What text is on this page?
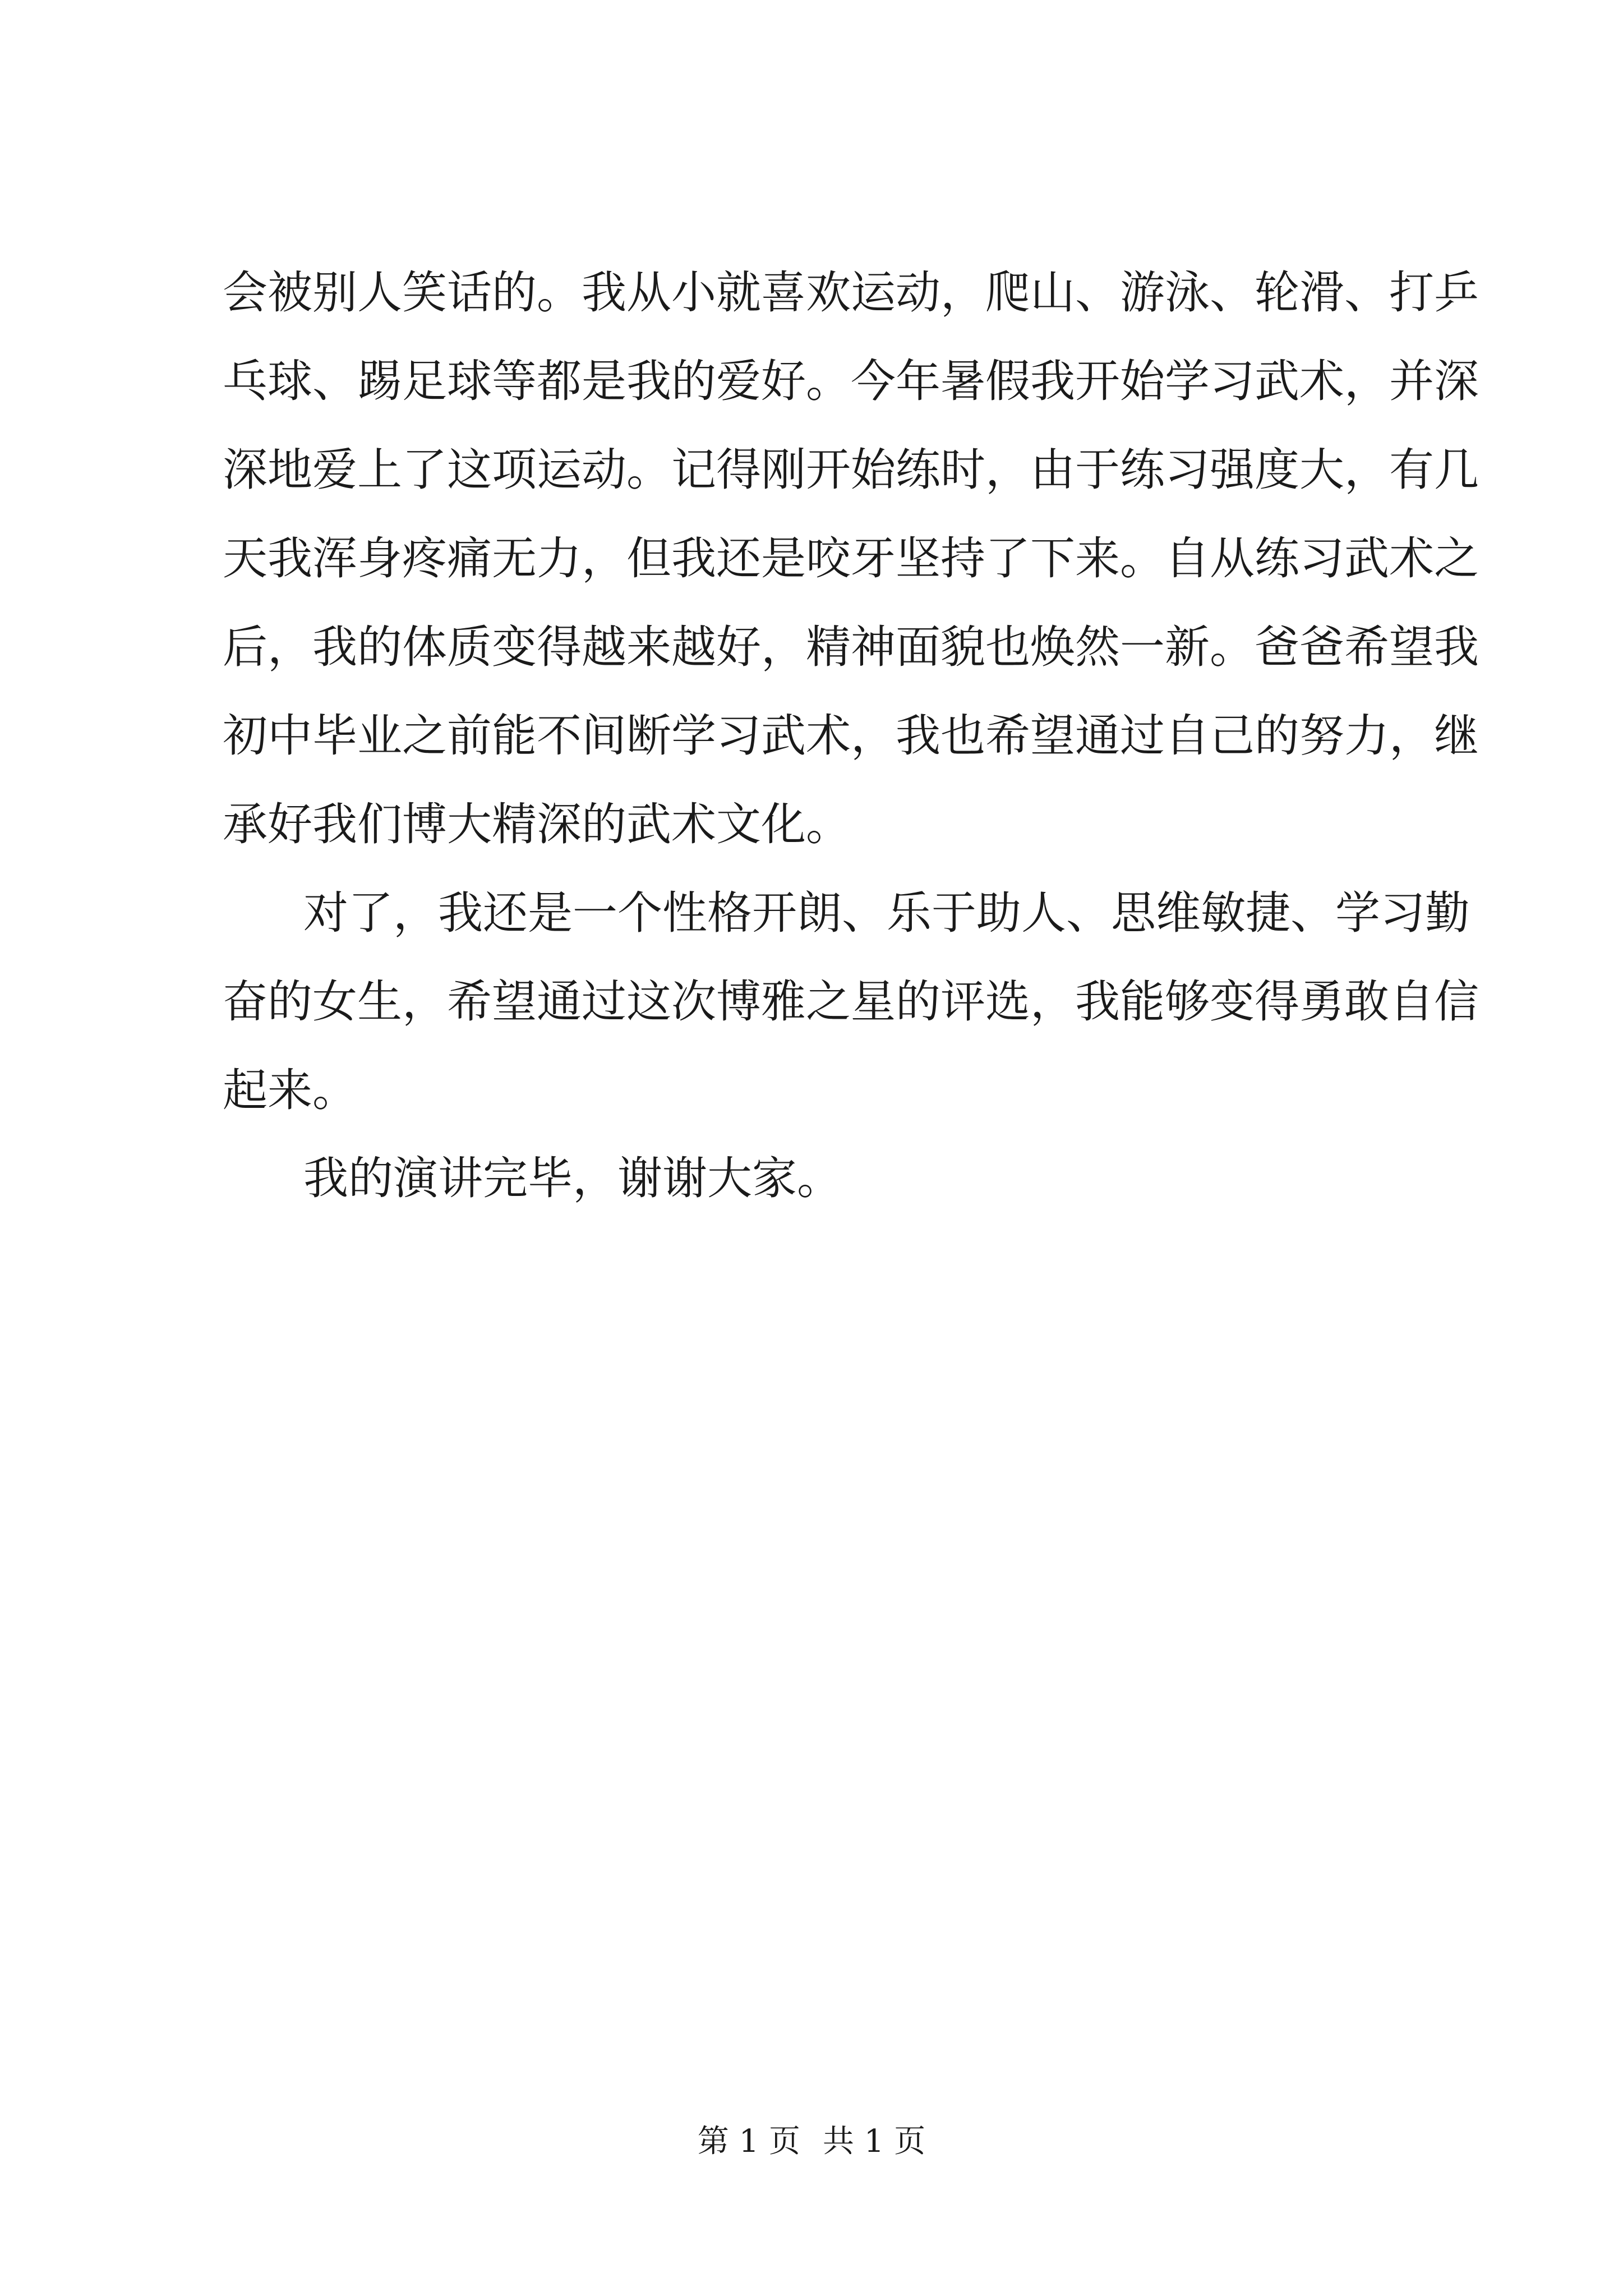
会被别人笑话的。我从小就喜欢运动，爬山、游泳、轮滑、打乒
乓球、踢足球等都是我的爱好。今年暑假我开始学习武术，并深
深地爱上了这项运动。记得刚开始练时，由于练习强度大，有几
天我浑身疼痛无力，但我还是咬牙坚持了下来。自从练习武术之
后，我的体质变得越来越好，精神面貌也焕然一新。爸爸希望我
初中毕业之前能不间断学习武术，我也希望通过自己的努力，继
承好我们博大精深的武术文化。
对了，我还是一个性格开朗、乐于助人、思维敏捷、学习勤
奋的女生，希望通过这次博雅之星的评选，我能够变得勇敢自信
起来。
我的演讲完毕，谢谢大家。
第 1 页 共 1 页
